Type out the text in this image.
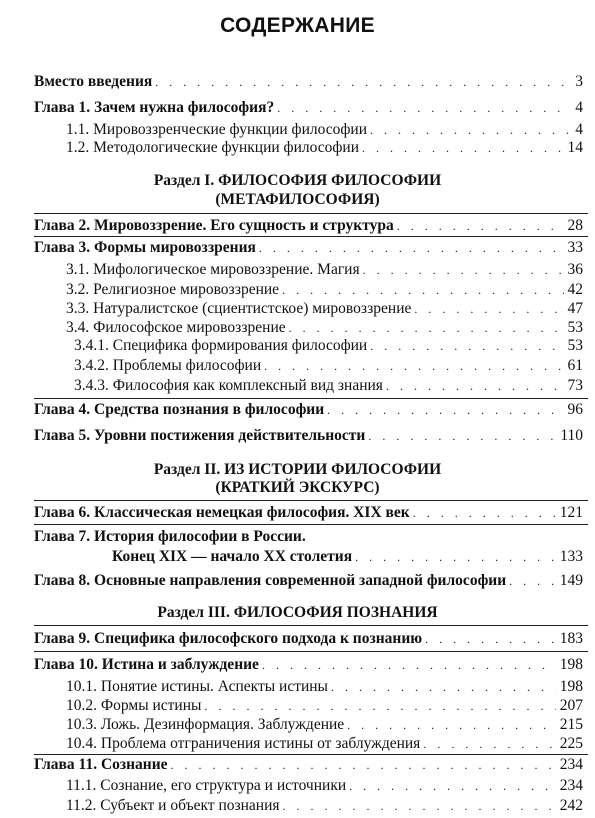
СОДЕРЖАНИЕ
Вместо введения . . .	3
Глава 1. Зачем нужна философия? . . .	4
1.1. Мировоззренческие функции философии . . .	4
1.2. Методологические функции философии . . .	14
Раздел I. ФИЛОСОФИЯ ФИЛОСОФИИ
(МЕТАФИЛОСОФИЯ)
Глава 2. Мировоззрение. Его сущность и структура . . .	28
Глава 3. Формы мировоззрения . . .	33
3.1. Мифологическое мировоззрение. Магия . . .	36
3.2. Религиозное мировоззрение . . .	42
3.3. Натуралистское (сциентистское) мировоззрение . . .	47
3.4. Философское мировоззрение . . .	53
3.4.1. Специфика формирования философии . . .	53
3.4.2. Проблемы философии . . .	61
3.4.3. Философия как комплексный вид знания . . .	73
Глава 4. Средства познания в философии . . .	96
Глава 5. Уровни постижения действительности . . .	110
Раздел II. ИЗ ИСТОРИИ ФИЛОСОФИИ
(КРАТКИЙ ЭКСКУРС)
Глава 6. Классическая немецкая философия. XIX век . . .	121
Глава 7. История философии в России.
Конец XIX — начало XX столетия . . .	133
Глава 8. Основные направления современной западной философии . . .	149
Раздел III. ФИЛОСОФИЯ ПОЗНАНИЯ
Глава 9. Специфика философского подхода к познанию . . .	183
Глава 10. Истина и заблуждение . . .	198
10.1. Понятие истины. Аспекты истины . . .	198
10.2. Формы истины . . .	207
10.3. Ложь. Дезинформация. Заблуждение . . .	215
10.4. Проблема отграничения истины от заблуждения . . .	225
Глава 11. Сознание . . .	234
11.1. Сознание, его структура и источники . . .	234
11.2. Субъект и объект познания . . .	242
